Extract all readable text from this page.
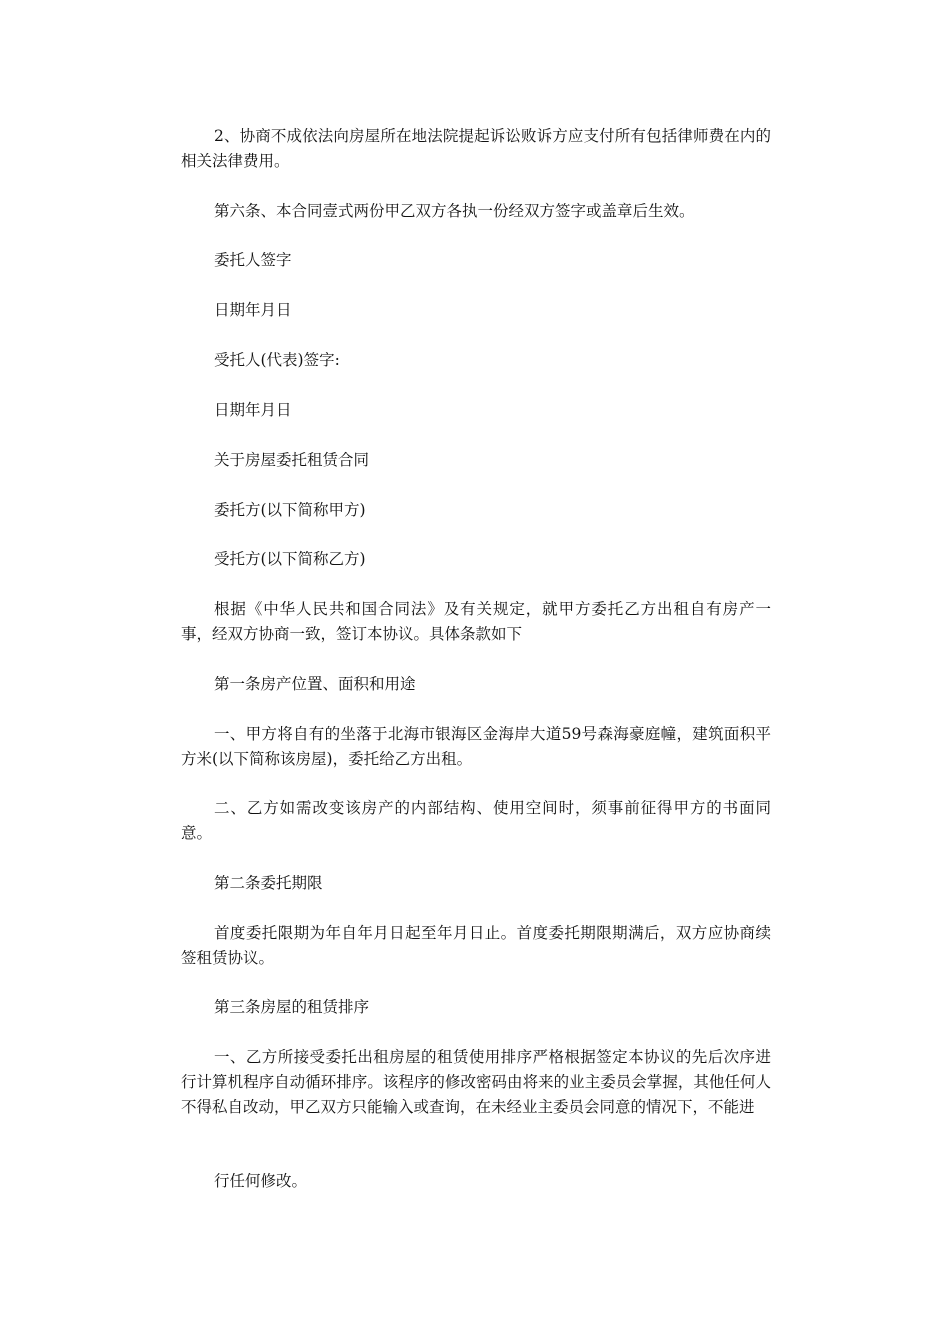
2、协商不成依法向房屋所在地法院提起诉讼败诉方应支付所有包括律师费在内的相关法律费用。

第六条、本合同壹式两份甲乙双方各执一份经双方签字或盖章后生效。

委托人签字

日期年月日

受托人(代表)签字:

日期年月日

关于房屋委托租赁合同

委托方(以下简称甲方)

受托方(以下简称乙方)

根据《中华人民共和国合同法》及有关规定，就甲方委托乙方出租自有房产一事，经双方协商一致，签订本协议。具体条款如下

第一条房产位置、面积和用途

一、甲方将自有的坐落于北海市银海区金海岸大道59号森海豪庭幢，建筑面积平方米(以下简称该房屋)，委托给乙方出租。

二、乙方如需改变该房产的内部结构、使用空间时，须事前征得甲方的书面同意。

第二条委托期限

首度委托限期为年自年月日起至年月日止。首度委托期限期满后，双方应协商续签租赁协议。

第三条房屋的租赁排序

一、乙方所接受委托出租房屋的租赁使用排序严格根据签定本协议的先后次序进行计算机程序自动循环排序。该程序的修改密码由将来的业主委员会掌握，其他任何人不得私自改动，甲乙双方只能输入或查询，在未经业主委员会同意的情况下，不能进

行任何修改。
